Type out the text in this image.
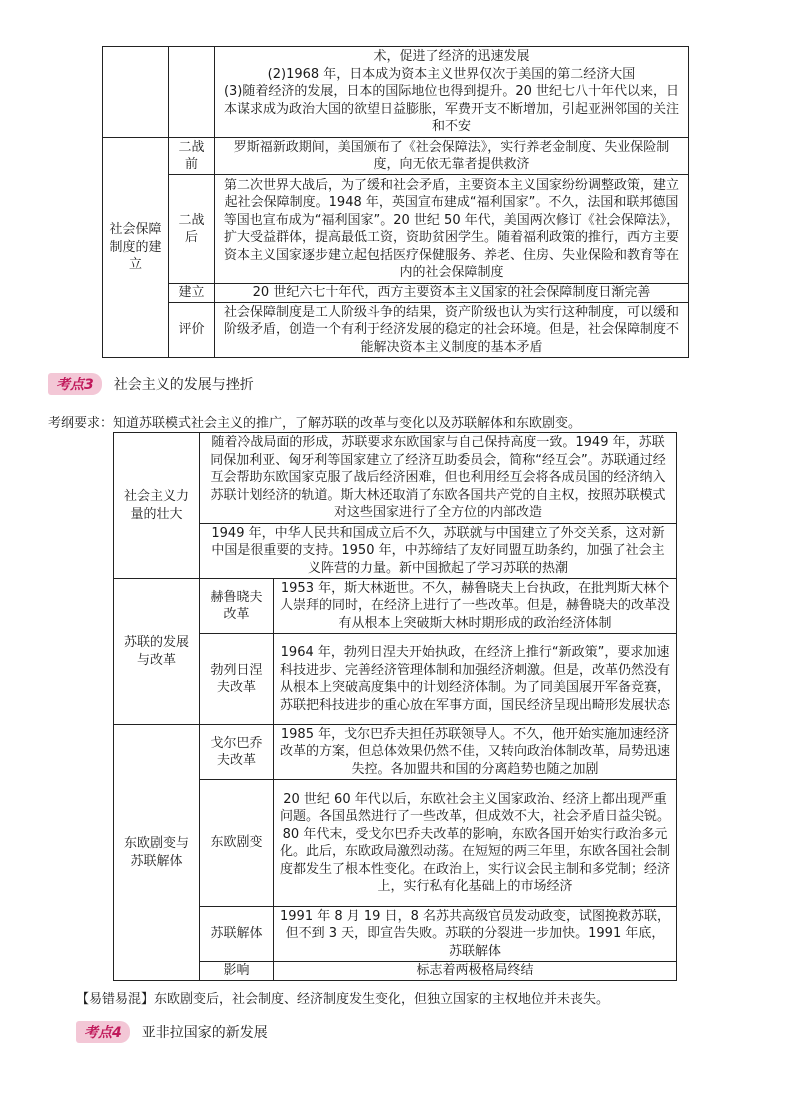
		术，促进了经济的迅速发展
(2)1968 年，日本成为资本主义世界仅次于美国的第二经济大国
(3)随着经济的发展，日本的国际地位也得到提升。20 世纪七八十年代以来，日本谋求成为政治大国的欲望日益膨胀，军费开支不断增加，引起亚洲邻国的关注和不安

社会保障制度的建立	二战前	罗斯福新政期间，美国颁布了《社会保障法》，实行养老金制度、失业保险制度，向无依无靠者提供救济
	二战后	第二次世界大战后，为了缓和社会矛盾，主要资本主义国家纷纷调整政策，建立起社会保障制度。1948 年，英国宣布建成“福利国家”。不久，法国和联邦德国等国也宣布成为“福利国家”。20 世纪 50 年代，美国两次修订《社会保障法》，扩大受益群体，提高最低工资，资助贫困学生。随着福利政策的推行，西方主要资本主义国家逐步建立起包括医疗保健服务、养老、住房、失业保险和教育等在内的社会保障制度
	建立	20 世纪六七十年代，西方主要资本主义国家的社会保障制度日渐完善
	评价	社会保障制度是工人阶级斗争的结果，资产阶级也认为实行这种制度，可以缓和阶级矛盾，创造一个有利于经济发展的稳定的社会环境。但是，社会保障制度不能解决资本主义制度的基本矛盾
考点3	社会主义的发展与挫折
考纲要求：知道苏联模式社会主义的推广，了解苏联的改革与变化以及苏联解体和东欧剧变。
社会主义力量的壮大	随着冷战局面的形成，苏联要求东欧国家与自己保持高度一致。1949 年，苏联同保加利亚、匈牙利等国家建立了经济互助委员会，简称“经互会”。苏联通过经互会帮助东欧国家克服了战后经济困难，但也利用经互会将各成员国的经济纳入苏联计划经济的轨道。斯大林还取消了东欧各国共产党的自主权，按照苏联模式对这些国家进行了全方位的内部改造	
	1949 年，中华人民共和国成立后不久，苏联就与中国建立了外交关系，这对新中国是很重要的支持。1950 年，中苏缔结了友好同盟互助条约，加强了社会主义阵营的力量。新中国掀起了学习苏联的热潮	
苏联的发展与改革	赫鲁晓夫改革	1953 年，斯大林逝世。不久，赫鲁晓夫上台执政，在批判斯大林个人崇拜的同时，在经济上进行了一些改革。但是，赫鲁晓夫的改革没有从根本上突破斯大林时期形成的政治经济体制
	勃列日涅夫改革	1964 年，勃列日涅夫开始执政，在经济上推行“新政策”，要求加速科技进步、完善经济管理体制和加强经济刺激。但是，改革仍然没有从根本上突破高度集中的计划经济体制。为了同美国展开军备竞赛，苏联把科技进步的重心放在军事方面，国民经济呈现出畸形发展状态
东欧剧变与苏联解体	戈尔巴乔夫改革	1985 年，戈尔巴乔夫担任苏联领导人。不久，他开始实施加速经济改革的方案，但总体效果仍然不佳，又转向政治体制改革，局势迅速失控。各加盟共和国的分离趋势也随之加剧
	东欧剧变	20 世纪 60 年代以后，东欧社会主义国家政治、经济上都出现严重问题。各国虽然进行了一些改革，但成效不大，社会矛盾日益尖锐。80 年代末，受戈尔巴乔夫改革的影响，东欧各国开始实行政治多元化。此后，东欧政局激烈动荡。在短短的两三年里，东欧各国社会制度都发生了根本性变化。在政治上，实行议会民主制和多党制；经济上，实行私有化基础上的市场经济
	苏联解体	1991 年 8 月 19 日，8 名苏共高级官员发动政变，试图挽救苏联，但不到 3 天，即宣告失败。苏联的分裂进一步加快。1991 年底，苏联解体
	影响	标志着两极格局终结
【易错易混】东欧剧变后，社会制度、经济制度发生变化，但独立国家的主权地位并未丧失。
考点4	亚非拉国家的新发展
